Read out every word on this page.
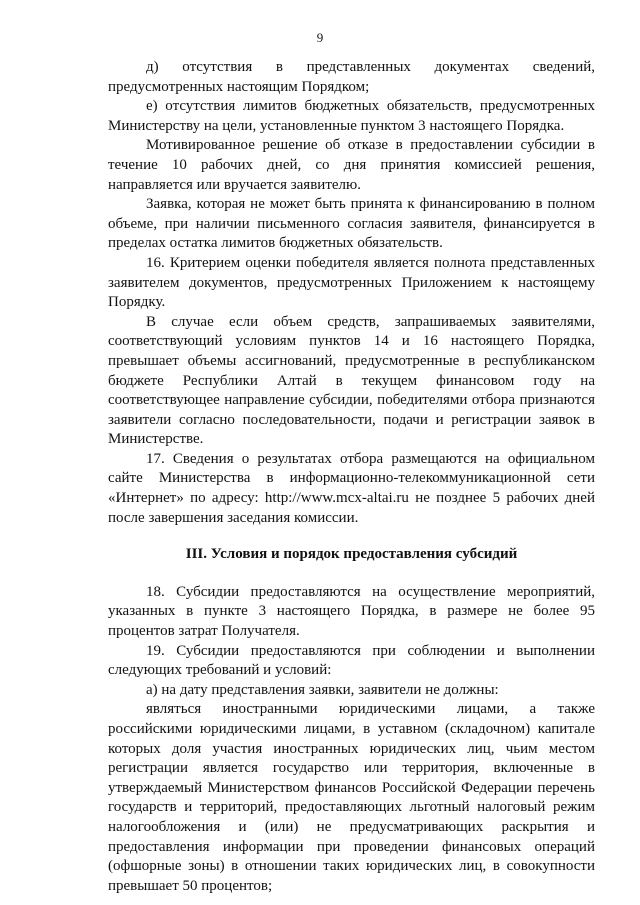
9

д) отсутствия в представленных документах сведений, предусмотренных настоящим Порядком;

е) отсутствия лимитов бюджетных обязательств, предусмотренных Министерству на цели, установленные пунктом 3 настоящего Порядка.

Мотивированное решение об отказе в предоставлении субсидии в течение 10 рабочих дней, со дня принятия комиссией решения, направляется или вручается заявителю.

Заявка, которая не может быть принята к финансированию в полном объеме, при наличии письменного согласия заявителя, финансируется в пределах остатка лимитов бюджетных обязательств.

16. Критерием оценки победителя является полнота представленных заявителем документов, предусмотренных Приложением к настоящему Порядку.

В случае если объем средств, запрашиваемых заявителями, соответствующий условиям пунктов 14 и 16 настоящего Порядка, превышает объемы ассигнований, предусмотренные в республиканском бюджете Республики Алтай в текущем финансовом году на соответствующее направление субсидии, победителями отбора признаются заявители согласно последовательности, подачи и регистрации заявок в Министерстве.

17. Сведения о результатах отбора размещаются на официальном сайте Министерства в информационно-телекоммуникационной сети «Интернет» по адресу: http://www.mcx-altai.ru не позднее 5 рабочих дней после завершения заседания комиссии.

III. Условия и порядок предоставления субсидий

18. Субсидии предоставляются на осуществление мероприятий, указанных в пункте 3 настоящего Порядка, в размере не более 95 процентов затрат Получателя.

19. Субсидии предоставляются при соблюдении и выполнении следующих требований и условий:

а) на дату представления заявки, заявители не должны:

являться иностранными юридическими лицами, а также российскими юридическими лицами, в уставном (складочном) капитале которых доля участия иностранных юридических лиц, чьим местом регистрации является государство или территория, включенные в утверждаемый Министерством финансов Российской Федерации перечень государств и территорий, предоставляющих льготный налоговый режим налогообложения и (или) не предусматривающих раскрытия и предоставления информации при проведении финансовых операций (офшорные зоны) в отношении таких юридических лиц, в совокупности превышает 50 процентов;
